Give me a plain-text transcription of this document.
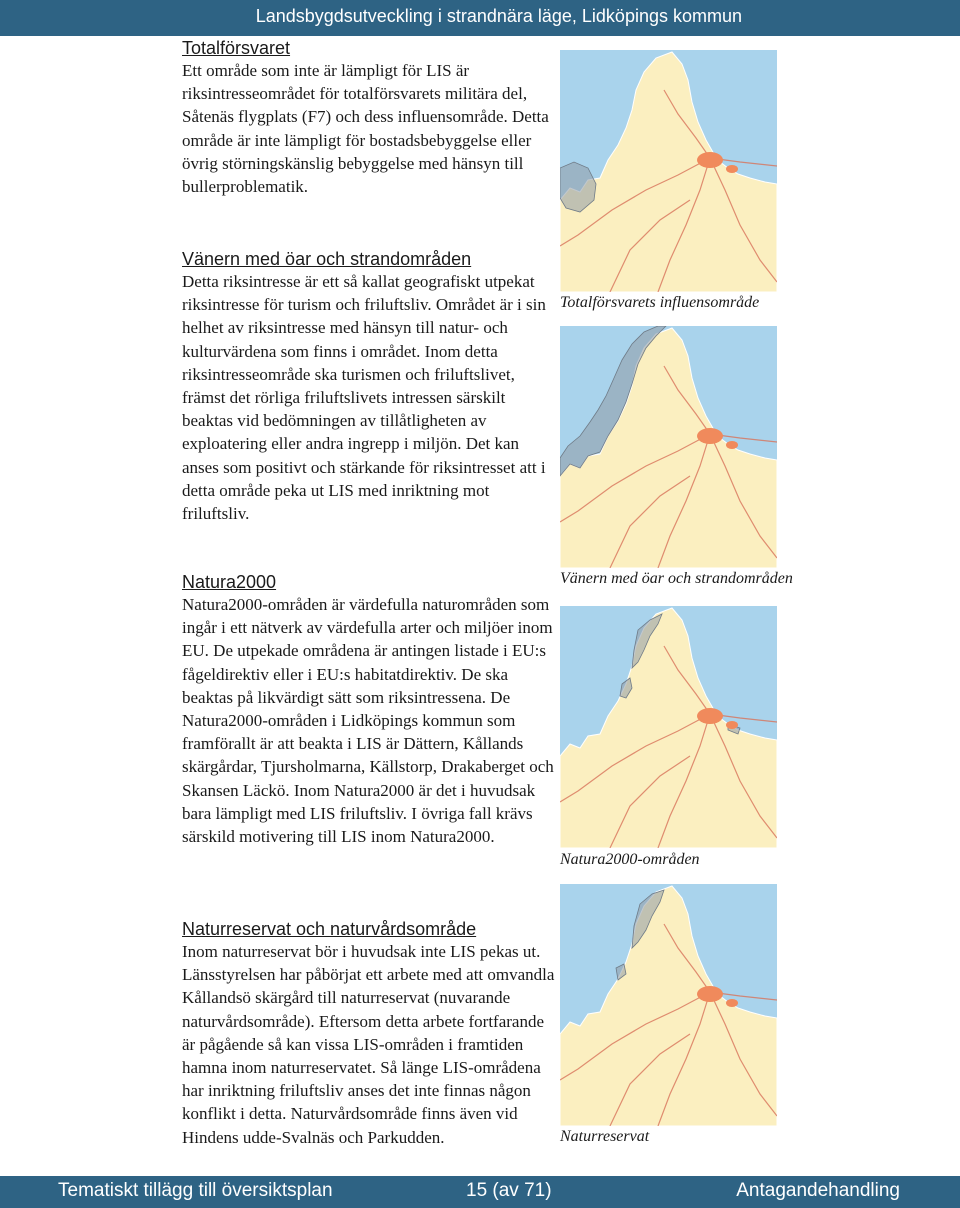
Landsbygdsutveckling i strandnära läge, Lidköpings kommun
Totalförsvaret

Ett område som inte är lämpligt för LIS är riksintresseområdet för totalförsvarets militära del, Såtenäs flygplats (F7) och dess influensområde. Detta område är inte lämpligt för bostadsbebyggelse eller övrig störningskänslig bebyggelse med hänsyn till bullerproblematik.

Vänern med öar och strandområden

Detta riksintresse är ett så kallat geografiskt utpekat riksintresse för turism och friluftsliv. Området är i sin helhet av riksintresse med hänsyn till natur- och kulturvärdena som finns i området. Inom detta riksintresseområde ska turismen och friluftslivet, främst det rörliga friluftslivets intressen särskilt beaktas vid bedömningen av tillåtligheten av exploatering eller andra ingrepp i miljön. Det kan anses som positivt och stärkande för riksintresset att i detta område peka ut LIS med inriktning mot friluftsliv.

Natura2000

Natura2000-områden är värdefulla naturområden som ingår i ett nätverk av värdefulla arter och miljöer inom EU. De utpekade områdena är antingen listade i EU:s fågeldirektiv eller i EU:s habitatdirektiv. De ska beaktas på likvärdigt sätt som riksintressena. De Natura2000-områden i Lidköpings kommun som framförallt är att beakta i LIS är Dättern, Kållands skärgårdar, Tjursholmarna, Källstorp, Drakaberget och Skansen Läckö. Inom Natura2000 är det i huvudsak bara lämpligt med LIS friluftsliv. I övriga fall krävs särskild motivering till LIS inom Natura2000.

Naturreservat och naturvårdsområde

Inom naturreservat bör i huvudsak inte LIS pekas ut. Länsstyrelsen har påbörjat ett arbete med att omvandla Kållandsö skärgård till naturreservat (nuvarande naturvårdsområde). Eftersom detta arbete fortfarande är pågående så kan vissa LIS-områden i framtiden hamna inom naturreservatet. Så länge LIS-områdena har inriktning friluftsliv anses det inte finnas någon konflikt i detta. Naturvårdsområde finns även vid Hindens udde-Svalnäs och Parkudden.

Totalförsvarets influensområde
Vänern med öar och strandområden
Natura2000-områden
Naturreservat
Tematiskt tillägg till översiktsplan	15 (av 71)	Antagandehandling
